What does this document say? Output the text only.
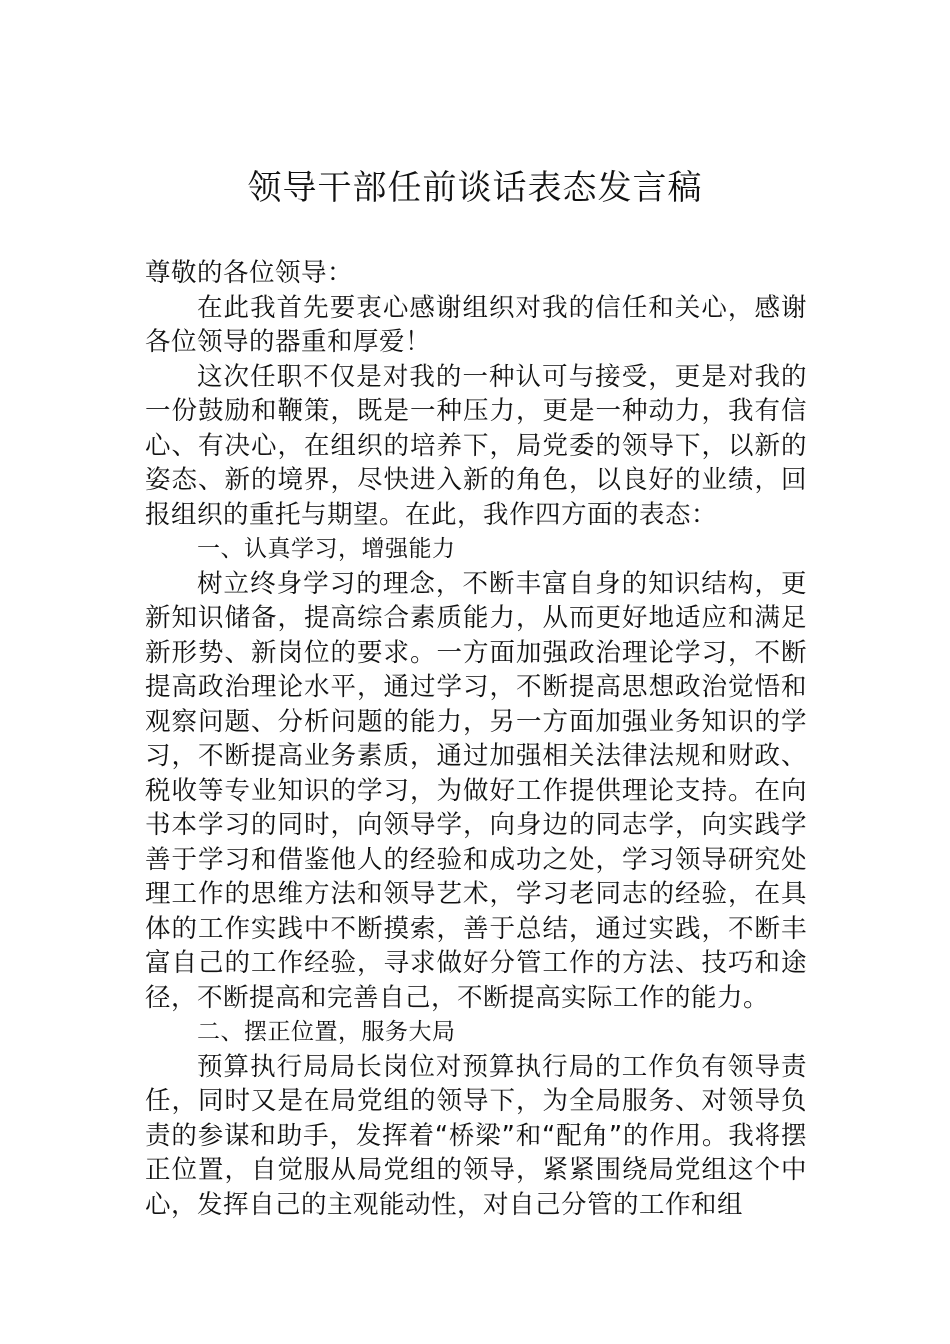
领导干部任前谈话表态发言稿

尊敬的各位领导：

在此我首先要衷心感谢组织对我的信任和关心，感谢各位领导的器重和厚爱！

这次任职不仅是对我的一种认可与接受，更是对我的一份鼓励和鞭策，既是一种压力，更是一种动力，我有信心、有决心，在组织的培养下，局党委的领导下，以新的姿态、新的境界，尽快进入新的角色，以良好的业绩，回报组织的重托与期望。在此，我作四方面的表态：

一、认真学习，增强能力

树立终身学习的理念，不断丰富自身的知识结构，更新知识储备，提高综合素质能力，从而更好地适应和满足新形势、新岗位的要求。一方面加强政治理论学习，不断提高政治理论水平，通过学习，不断提高思想政治觉悟和观察问题、分析问题的能力，另一方面加强业务知识的学习，不断提高业务素质，通过加强相关法律法规和财政、税收等专业知识的学习，为做好工作提供理论支持。在向书本学习的同时，向领导学，向身边的同志学，向实践学善于学习和借鉴他人的经验和成功之处，学习领导研究处理工作的思维方法和领导艺术，学习老同志的经验，在具体的工作实践中不断摸索，善于总结，通过实践，不断丰富自己的工作经验，寻求做好分管工作的方法、技巧和途径，不断提高和完善自己，不断提高实际工作的能力。

二、摆正位置，服务大局

预算执行局局长岗位对预算执行局的工作负有领导责任，同时又是在局党组的领导下，为全局服务、对领导负责的参谋和助手，发挥着“桥梁”和“配角”的作用。我将摆正位置，自觉服从局党组的领导，紧紧围绕局党组这个中心，发挥自己的主观能动性，对自己分管的工作和组
